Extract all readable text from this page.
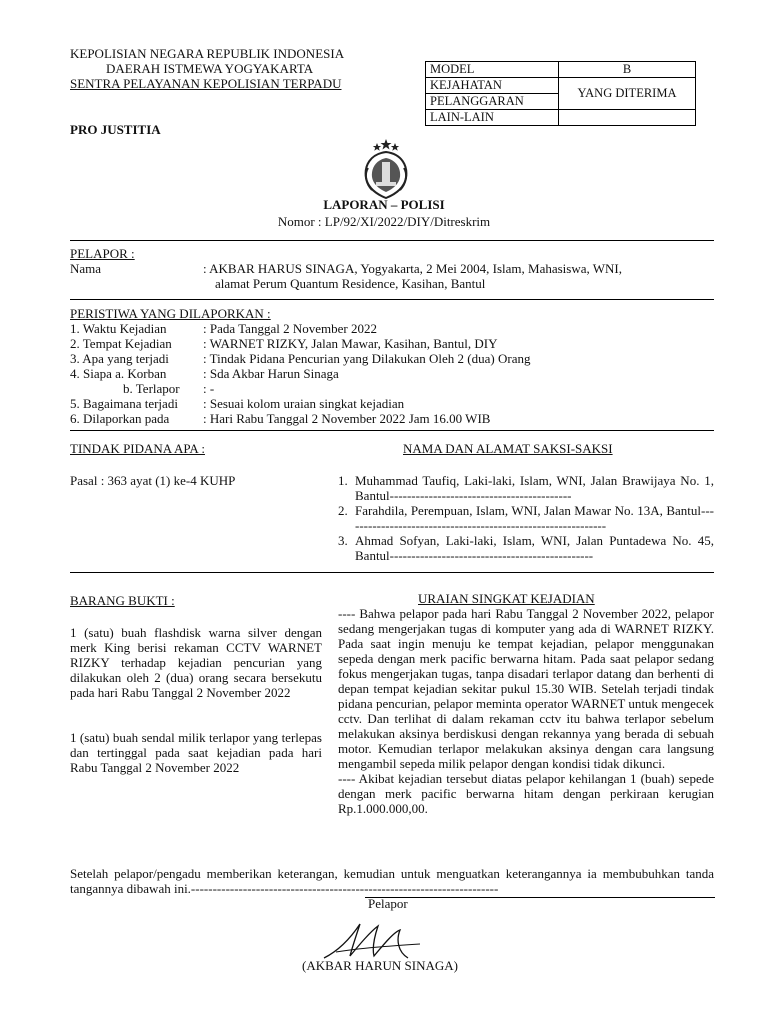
KEPOLISIAN NEGARA REPUBLIK INDONESIA
DAERAH ISTMEWA YOGYAKARTA
SENTRA PELAYANAN KEPOLISIAN TERPADU
MODEL	B
KEJAHATAN	YANG DITERIMA
PELANGGARAN	
LAIN-LAIN	
PRO JUSTITIA
LAPORAN – POLISI
Nomor : LP/92/XI/2022/DIY/Ditreskrim
PELAPOR :
Nama	: AKBAR HARUS SINAGA, Yogyakarta, 2 Mei 2004, Islam, Mahasiswa, WNI,
alamat Perum Quantum Residence, Kasihan, Bantul
PERISTIWA YANG DILAPORKAN :
1. Waktu Kejadian	: Pada Tanggal 2 November 2022
2. Tempat Kejadian : WARNET RIZKY, Jalan Mawar, Kasihan, Bantul, DIY
3. Apa yang terjadi	: Tindak Pidana Pencurian yang Dilakukan Oleh 2 (dua) Orang
4. Siapa a. Korban	: Sda Akbar Harun Sinaga
b. Terlapor : -
5. Bagaimana terjadi : Sesuai kolom uraian singkat kejadian
6. Dilaporkan pada	: Hari Rabu Tanggal 2 November 2022 Jam 16.00 WIB
TINDAK PIDANA APA :	NAMA DAN ALAMAT SAKSI-SAKSI
Pasal : 363 ayat (1) ke-4 KUHP	1. Muhammad Taufiq, Laki-laki, Islam, WNI, Jalan Brawijaya No. 1, Bantul------------------------------------------
2. Farahdila, Perempuan, Islam, WNI, Jalan Mawar No. 13A, Bantul-------------------------------------------------------------
3. Ahmad Sofyan, Laki-laki, Islam, WNI, Jalan Puntadewa No. 45, Bantul-----------------------------------------------
BARANG BUKTI :
1 (satu) buah flashdisk warna silver dengan merk King berisi rekaman CCTV WARNET RIZKY terhadap kejadian pencurian yang dilakukan oleh 2 (dua) orang secara bersekutu pada hari Rabu Tanggal 2 November 2022
1 (satu) buah sendal milik terlapor yang terlepas dan tertinggal pada saat kejadian pada hari Rabu Tanggal 2 November 2022
URAIAN SINGKAT KEJADIAN
---- Bahwa pelapor pada hari Rabu Tanggal 2 November 2022, pelapor sedang mengerjakan tugas di komputer yang ada di WARNET RIZKY. Pada saat ingin menuju ke tempat kejadian, pelapor menggunakan sepeda dengan merk pacific berwarna hitam. Pada saat pelapor sedang fokus mengerjakan tugas, tanpa disadari terlapor datang dan berhenti di depan tempat kejadian sekitar pukul 15.30 WIB. Setelah terjadi tindak pidana pencurian, pelapor meminta operator WARNET untuk mengecek cctv. Dan terlihat di dalam rekaman cctv itu bahwa terlapor sebelum melakukan aksinya berdiskusi dengan rekannya yang berada di sebuah motor. Kemudian terlapor melakukan aksinya dengan cara langsung mengambil sepeda milik pelapor dengan kondisi tidak dikunci.
---- Akibat kejadian tersebut diatas pelapor kehilangan 1 (buah) sepede dengan merk pacific berwarna hitam dengan perkiraan kerugian Rp.1.000.000,00.
Setelah pelapor/pengadu memberikan keterangan, kemudian untuk menguatkan keterangannya ia membubuhkan tanda tangannya dibawah ini.-----------------------------------------------------------------------
Pelapor
(AKBAR HARUN SINAGA)
